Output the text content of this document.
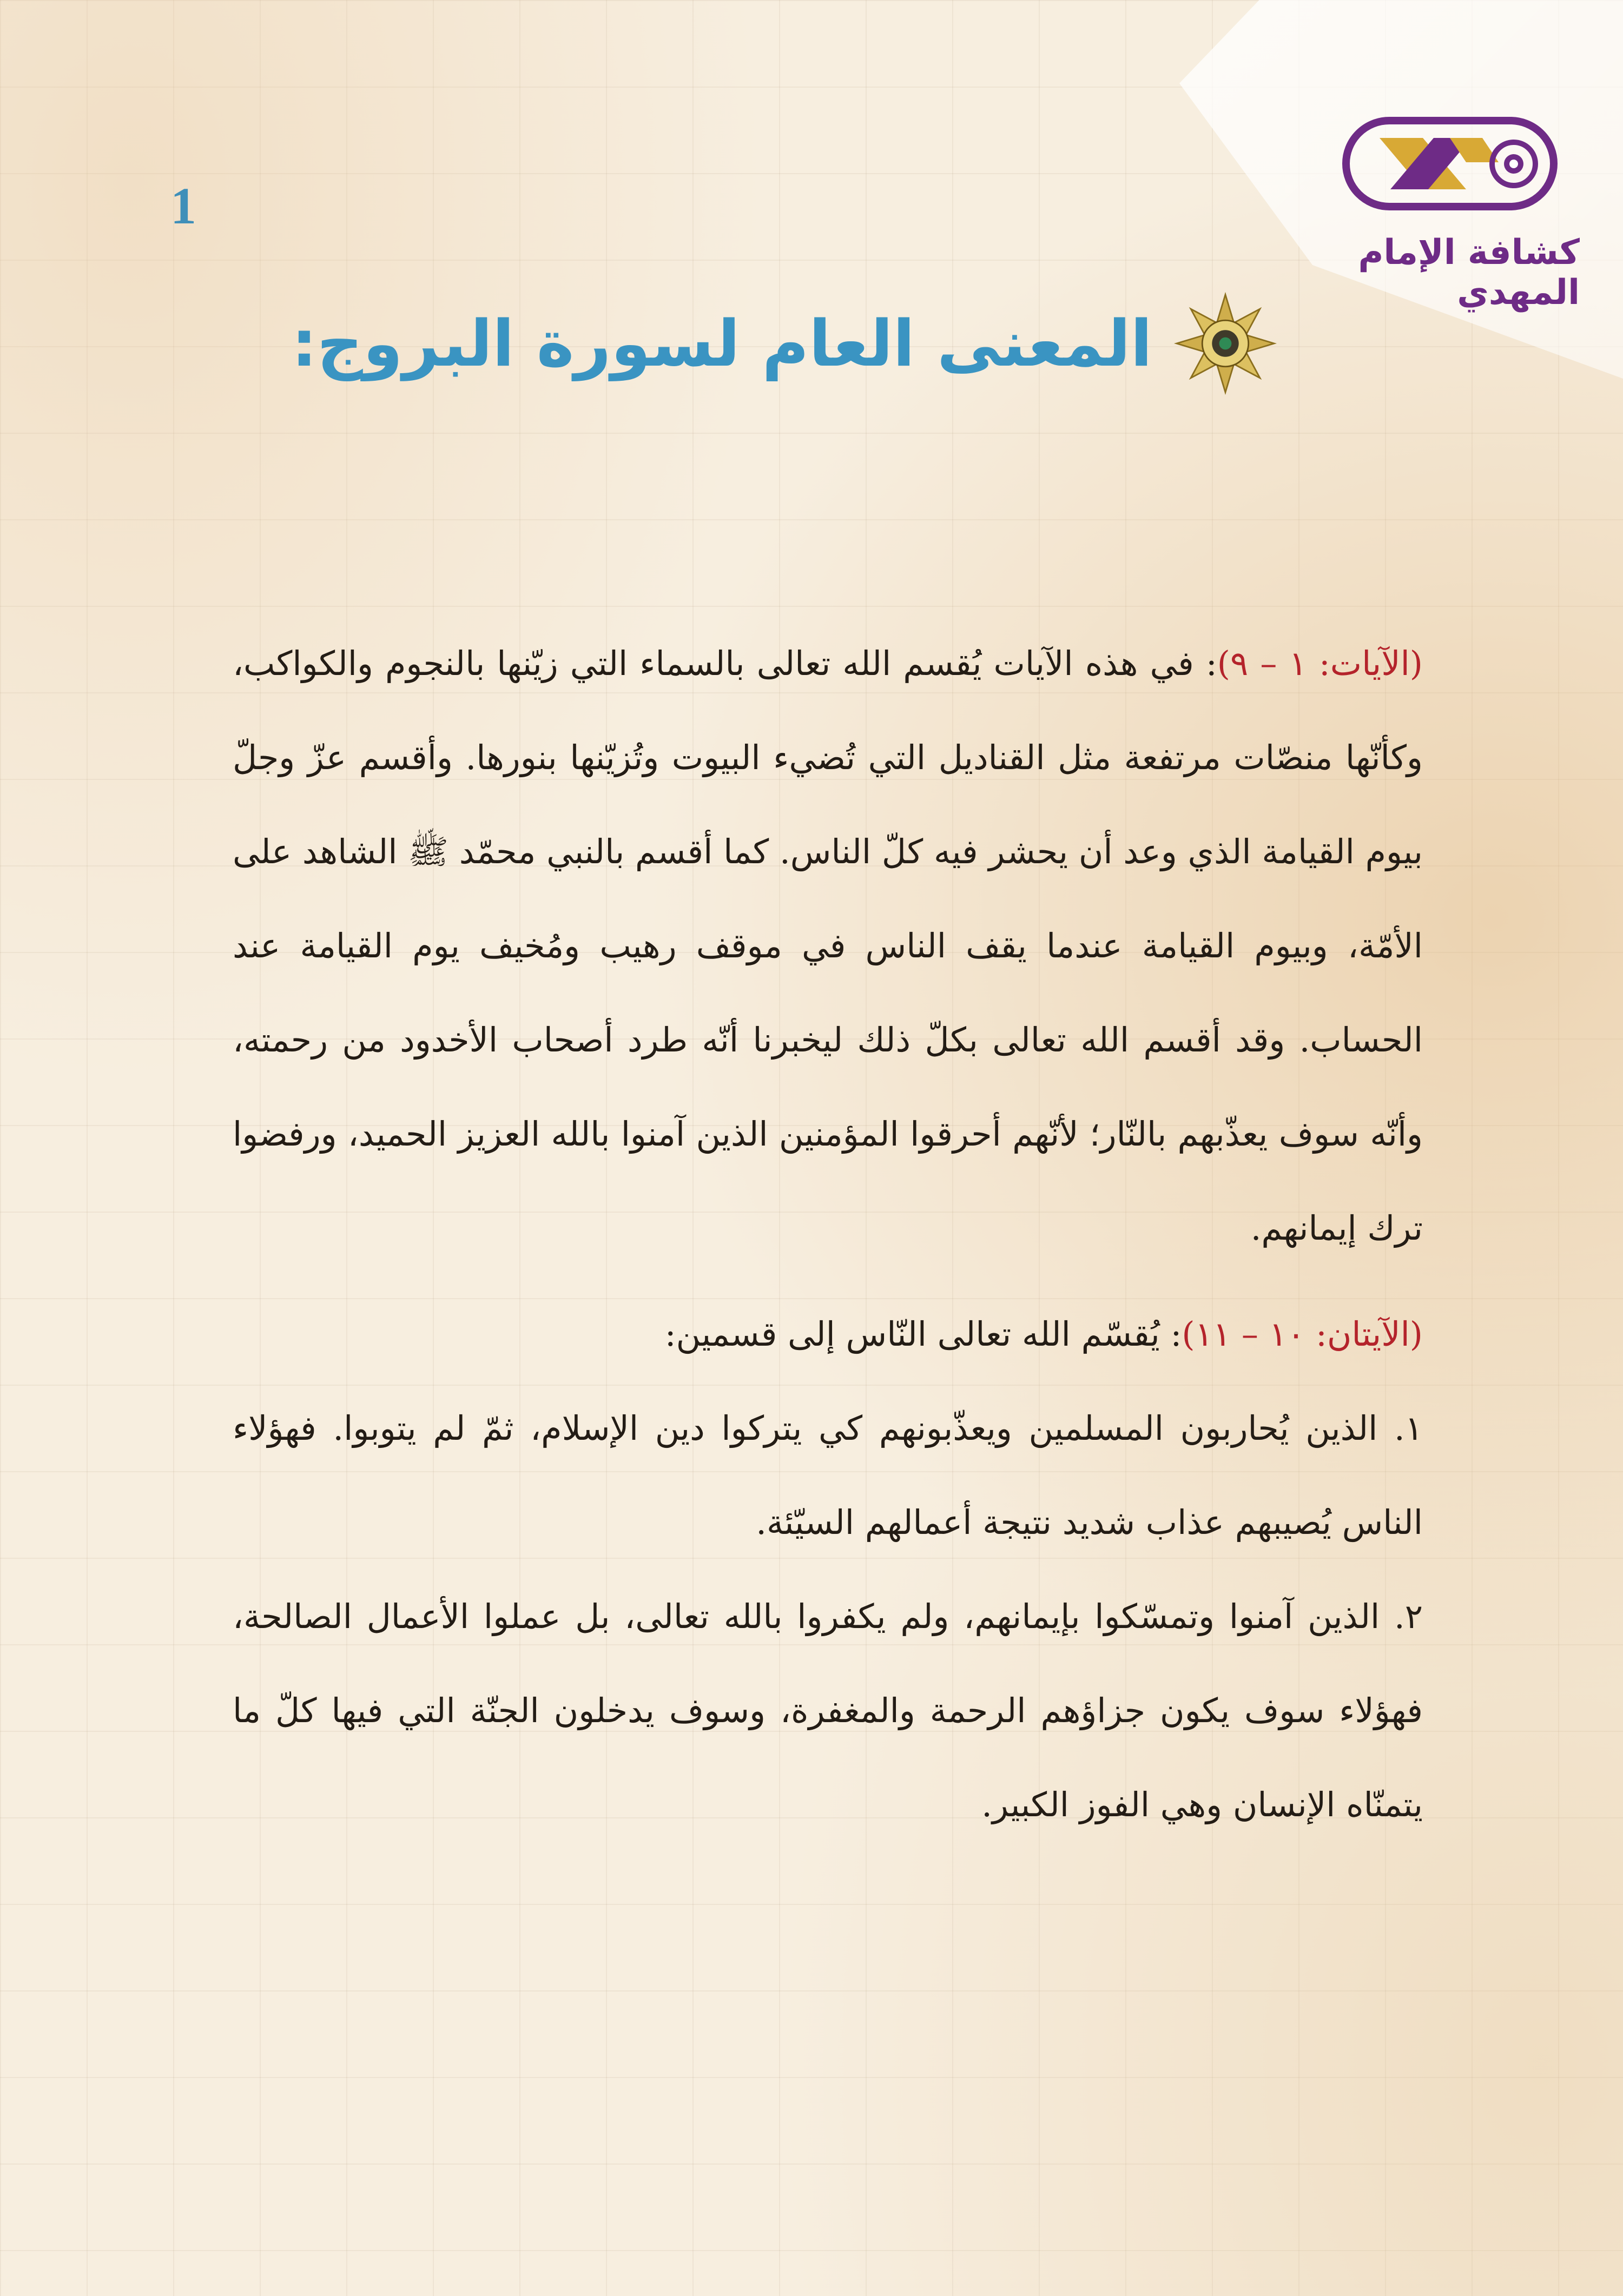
كشافة الإمام المهدي
1
المعنى العام لسورة البروج:

(الآيات: ١ – ٩): في هذه الآيات يُقسم الله تعالى بالسماء التي زيّنها بالنجوم والكواكب، وكأنّها منصّات مرتفعة مثل القناديل التي تُضيء البيوت وتُزيّنها بنورها. وأقسم عزّ وجلّ بيوم القيامة الذي وعد أن يحشر فيه كلّ الناس. كما أقسم بالنبي محمّد ﷺ الشاهد على الأمّة، وبيوم القيامة عندما يقف الناس في موقف رهيب ومُخيف يوم القيامة عند الحساب. وقد أقسم الله تعالى بكلّ ذلك ليخبرنا أنّه طرد أصحاب الأخدود من رحمته، وأنّه سوف يعذّبهم بالنّار؛ لأنّهم أحرقوا المؤمنين الذين آمنوا بالله العزيز الحميد، ورفضوا ترك إيمانهم.

(الآيتان: ١٠ – ١١): يُقسّم الله تعالى النّاس إلى قسمين:

١. الذين يُحاربون المسلمين ويعذّبونهم كي يتركوا دين الإسلام، ثمّ لم يتوبوا. فهؤلاء الناس يُصيبهم عذاب شديد نتيجة أعمالهم السيّئة.

٢. الذين آمنوا وتمسّكوا بإيمانهم، ولم يكفروا بالله تعالى، بل عملوا الأعمال الصالحة، فهؤلاء سوف يكون جزاؤهم الرحمة والمغفرة، وسوف يدخلون الجنّة التي فيها كلّ ما يتمنّاه الإنسان وهي الفوز الكبير.
